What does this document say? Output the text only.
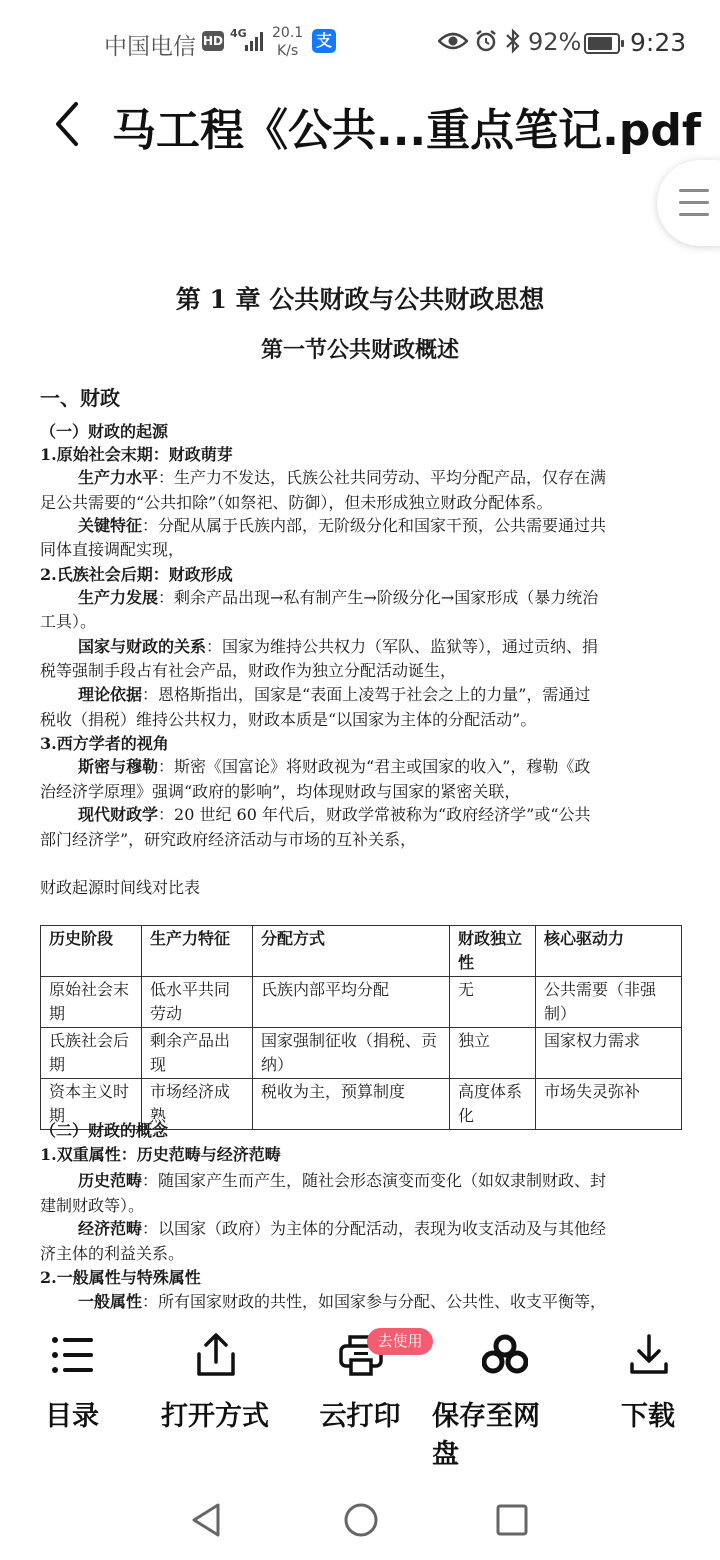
中国电信 HD
4G 20.1
K/s
支	92% 9:23
马工程《公共...重点笔记.pdf
第 1 章 公共财政与公共财政思想
第一节公共财政概述
一、财政
（一）财政的起源
1.原始社会末期：财政萌芽
生产力水平：生产力不发达，氏族公社共同劳动、平均分配产品，仅存在满
足公共需要的“公共扣除”（如祭祀、防御），但未形成独立财政分配体系。
关键特征：分配从属于氏族内部，无阶级分化和国家干预，公共需要通过共
同体直接调配实现，
2.氏族社会后期：财政形成
生产力发展：剩余产品出现→私有制产生→阶级分化→国家形成（暴力统治
工具）。
国家与财政的关系：国家为维持公共权力（军队、监狱等），通过贡纳、捐
税等强制手段占有社会产品，财政作为独立分配活动诞生，
理论依据：恩格斯指出，国家是“表面上凌驾于社会之上的力量”，需通过
税收（捐税）维持公共权力，财政本质是“以国家为主体的分配活动”。
3.西方学者的视角
斯密与穆勒：斯密《国富论》将财政视为“君主或国家的收入”，穆勒《政
治经济学原理》强调“政府的影响”，均体现财政与国家的紧密关联，
现代财政学：20 世纪 60 年代后，财政学常被称为“政府经济学”或“公共
部门经济学”，研究政府经济活动与市场的互补关系，
财政起源时间线对比表
历史阶段	生产力特征	分配方式	财政独立性	核心驱动力
原始社会末期	低水平共同劳动	氏族内部平均分配	无	公共需要（非强制）
氏族社会后期	剩余产品出现	国家强制征收（捐税、贡纳）	独立	国家权力需求
资本主义时期	市场经济成熟	税收为主，预算制度	高度体系化	市场失灵弥补
（二）财政的概念
1.双重属性：历史范畴与经济范畴
历史范畴：随国家产生而产生，随社会形态演变而变化（如奴隶制财政、封
建制财政等）。
经济范畴：以国家（政府）为主体的分配活动，表现为收支活动及与其他经
济主体的利益关系。
2.一般属性与特殊属性
一般属性：所有国家财政的共性，如国家参与分配、公共性、收支平衡等，
目录	打开方式	云打印	保存至网盘
下载
去使用
